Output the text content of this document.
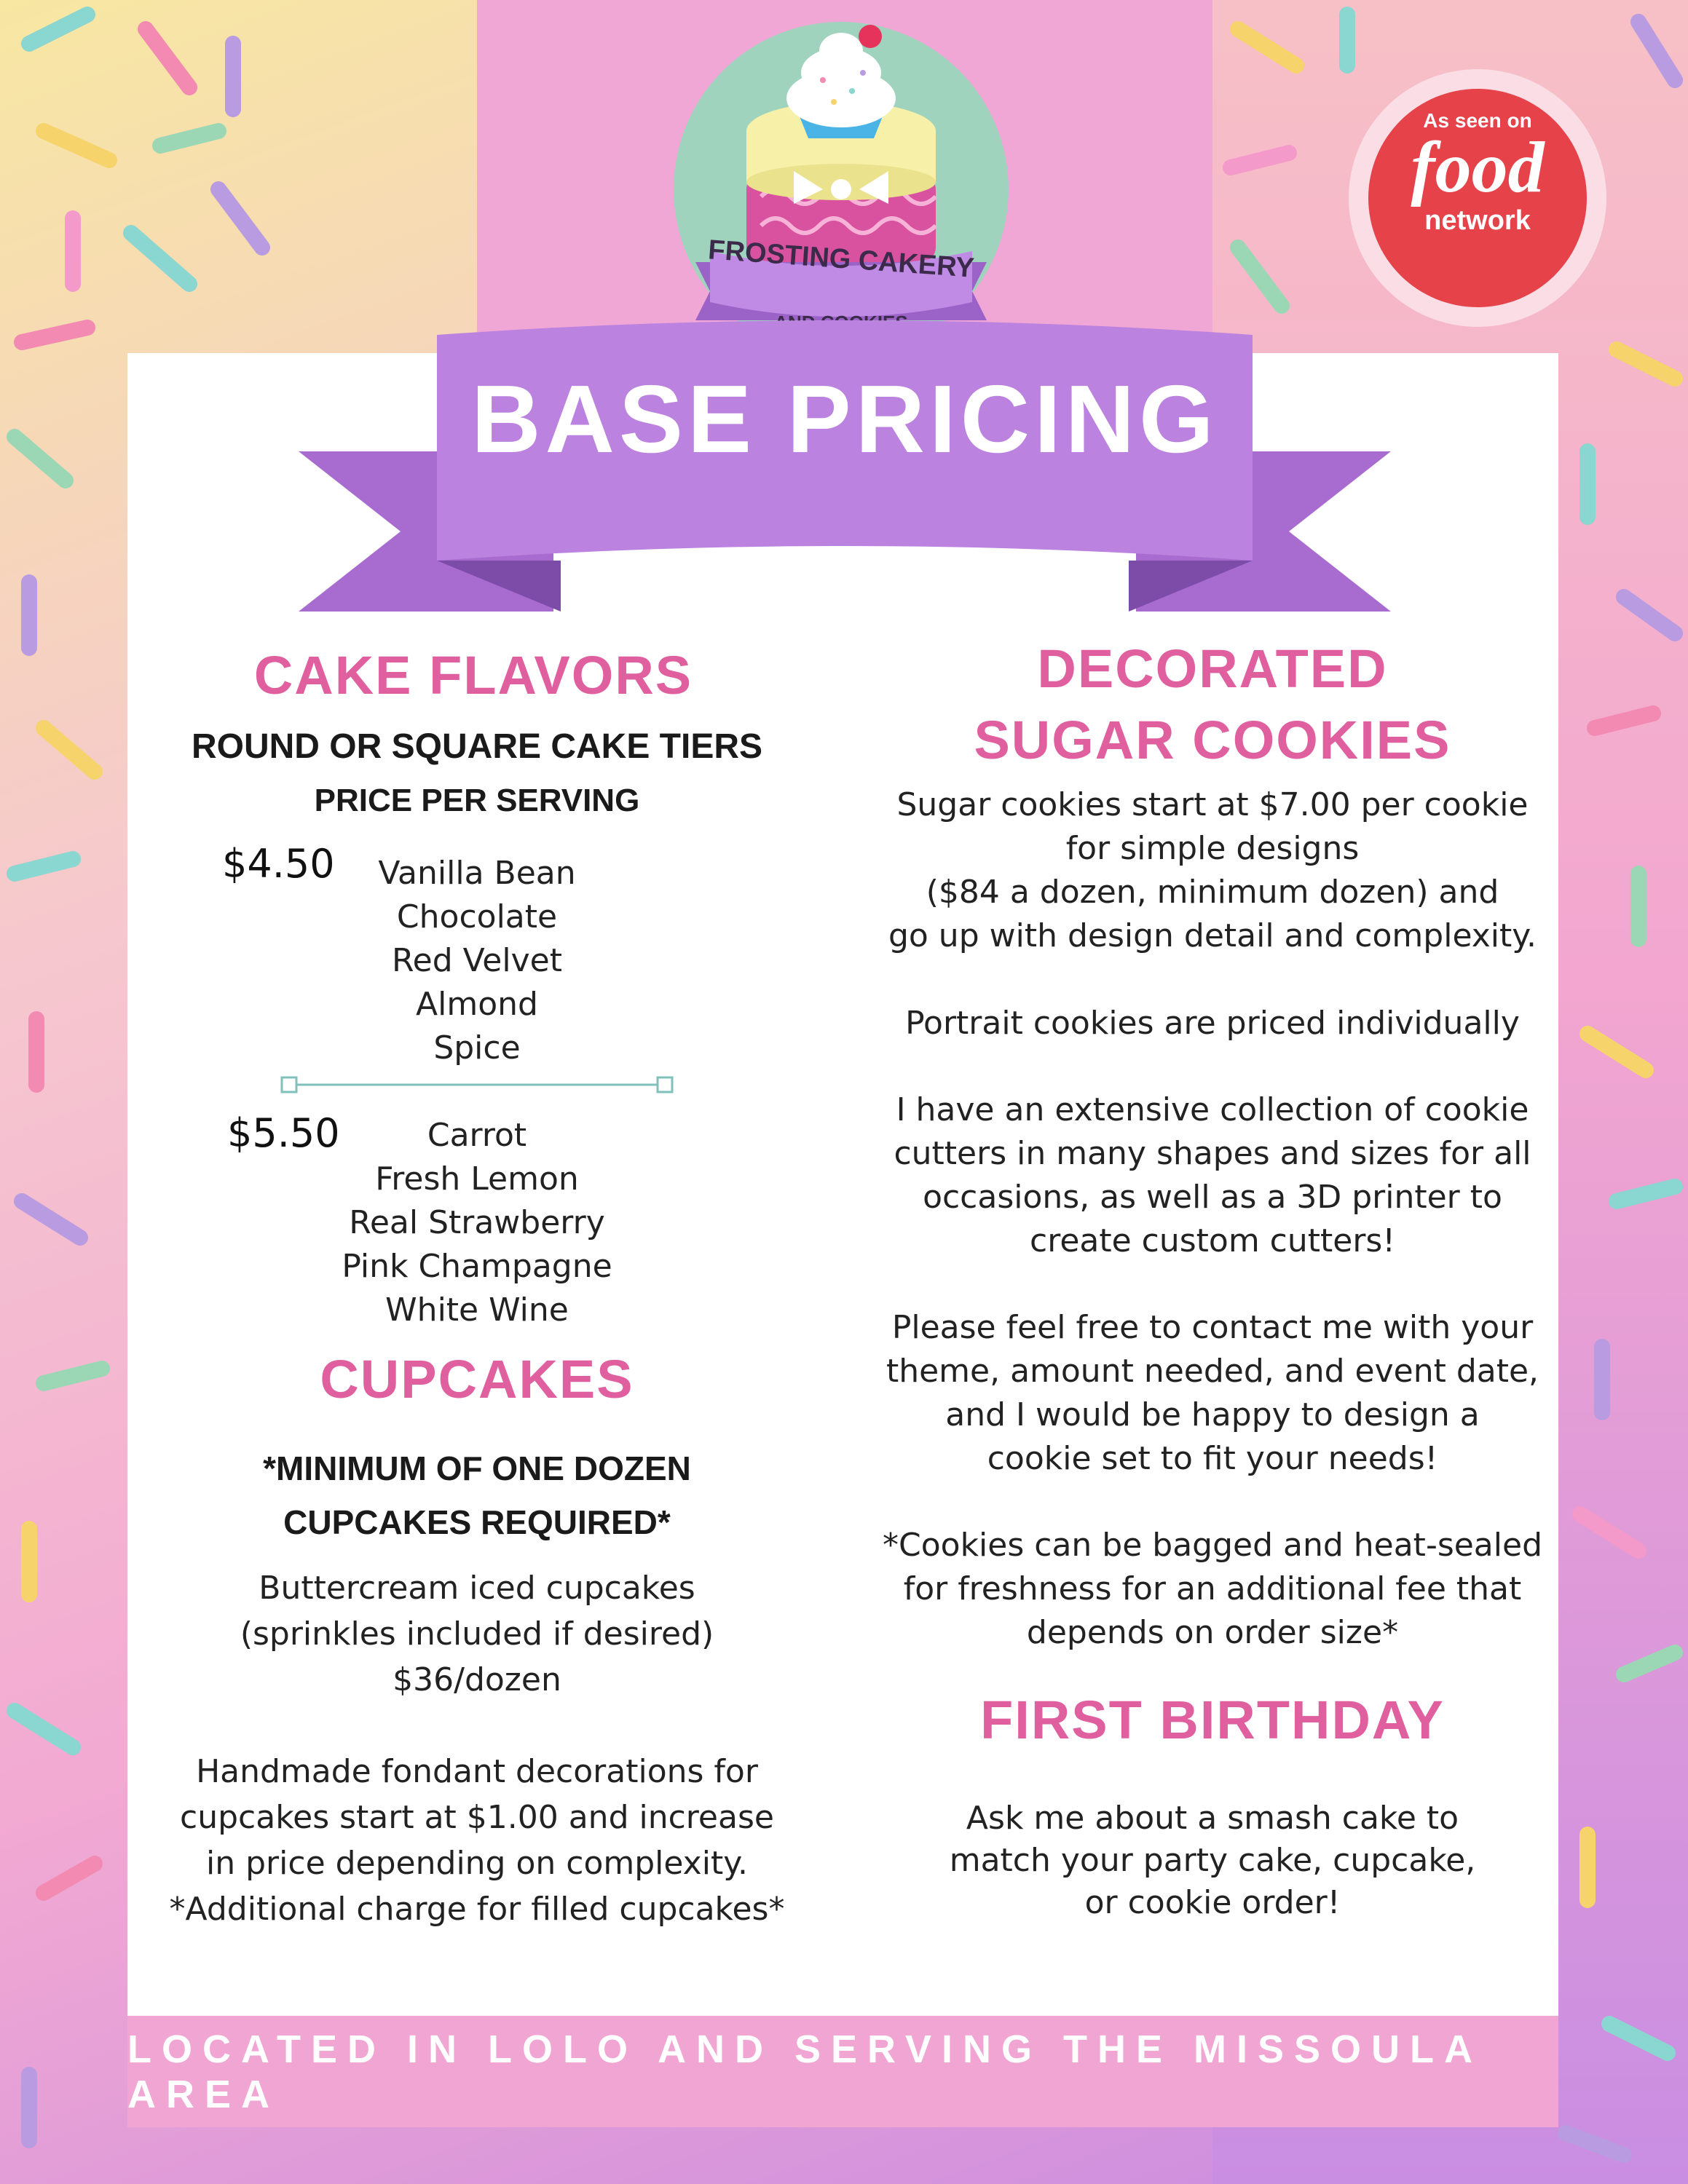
FROSTING CAKERY
As seen on
food
network
BASE PRICING
CAKE FLAVORS
ROUND OR SQUARE CAKE TIERS
PRICE PER SERVING
$4.50	Vanilla Bean
Chocolate
Red Velvet
Almond
Spice
$5.50	Carrot
Fresh Lemon
Real Strawberry
Pink Champagne
White Wine
CUPCAKES
*MINIMUM OF ONE DOZEN
CUPCAKES REQUIRED*
Buttercream iced cupcakes
(sprinkles included if desired)
$36/dozen
Handmade fondant decorations for
cupcakes start at $1.00 and increase
in price depending on complexity.
*Additional charge for filled cupcakes*
DECORATED
SUGAR COOKIES
Sugar cookies start at $7.00 per cookie
for simple designs
($84 a dozen, minimum dozen) and
go up with design detail and complexity.
Portrait cookies are priced individually
I have an extensive collection of cookie
cutters in many shapes and sizes for all
occasions, as well as a 3D printer to
create custom cutters!
Please feel free to contact me with your
theme, amount needed, and event date,
and I would be happy to design a
cookie set to fit your needs!
*Cookies can be bagged and heat-sealed
for freshness for an additional fee that
depends on order size*
FIRST BIRTHDAY
Ask me about a smash cake to
match your party cake, cupcake,
or cookie order!
LOCATED IN LOLO AND SERVING THE MISSOULA AREA
